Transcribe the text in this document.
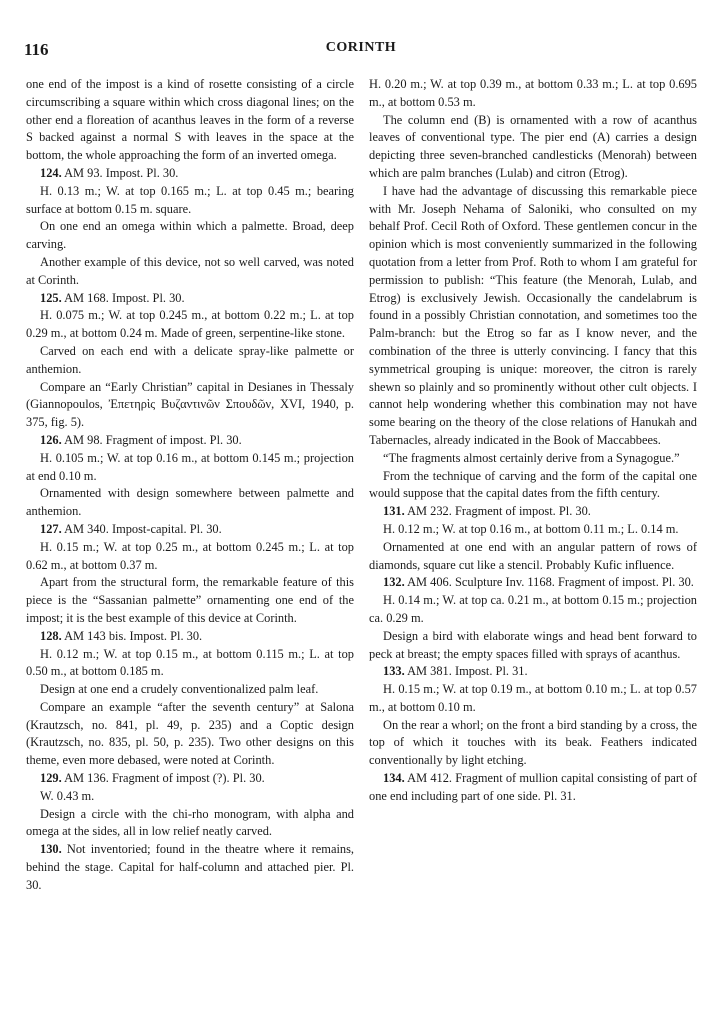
116	CORINTH

one end of the impost is a kind of rosette consisting of a circle circumscribing a square within which cross diagonal lines; on the other end a floreation of acanthus leaves in the form of a reverse S backed against a normal S with leaves in the space at the bottom, the whole approaching the form of an inverted omega.

124. AM 93. Impost. Pl. 30.

H. 0.13 m.; W. at top 0.165 m.; L. at top 0.45 m.; bearing surface at bottom 0.15 m. square.

On one end an omega within which a palmette. Broad, deep carving.

Another example of this device, not so well carved, was noted at Corinth.

125. AM 168. Impost. Pl. 30.

H. 0.075 m.; W. at top 0.245 m., at bottom 0.22 m.; L. at top 0.29 m., at bottom 0.24 m. Made of green, serpentine-like stone.

Carved on each end with a delicate spray-like palmette or anthemion.

Compare an “Early Christian” capital in Desianes in Thessaly (Giannopoulos, Ἐπετηρὶς Βυζαντινῶν Σπουδῶν, XVI, 1940, p. 375, fig. 5).

126. AM 98. Fragment of impost. Pl. 30.

H. 0.105 m.; W. at top 0.16 m., at bottom 0.145 m.; projection at end 0.10 m.

Ornamented with design somewhere between palmette and anthemion.

127. AM 340. Impost-capital. Pl. 30.

H. 0.15 m.; W. at top 0.25 m., at bottom 0.245 m.; L. at top 0.62 m., at bottom 0.37 m.

Apart from the structural form, the remarkable feature of this piece is the “Sassanian palmette” ornamenting one end of the impost; it is the best example of this device at Corinth.

128. AM 143 bis. Impost. Pl. 30.

H. 0.12 m.; W. at top 0.15 m., at bottom 0.115 m.; L. at top 0.50 m., at bottom 0.185 m.

Design at one end a crudely conventionalized palm leaf.

Compare an example “after the seventh century” at Salona (Krautzsch, no. 841, pl. 49, p. 235) and a Coptic design (Krautzsch, no. 835, pl. 50, p. 235). Two other designs on this theme, even more debased, were noted at Corinth.

129. AM 136. Fragment of impost (?). Pl. 30.

W. 0.43 m.

Design a circle with the chi-rho monogram, with alpha and omega at the sides, all in low relief neatly carved.

130. Not inventoried; found in the theatre where it remains, behind the stage. Capital for half-column and attached pier. Pl. 30.

H. 0.20 m.; W. at top 0.39 m., at bottom 0.33 m.; L. at top 0.695 m., at bottom 0.53 m.

The column end (B) is ornamented with a row of acanthus leaves of conventional type. The pier end (A) carries a design depicting three seven-branched candlesticks (Menorah) between which are palm branches (Lulab) and citron (Etrog).

I have had the advantage of discussing this remarkable piece with Mr. Joseph Nehama of Saloniki, who consulted on my behalf Prof. Cecil Roth of Oxford. These gentlemen concur in the opinion which is most conveniently summarized in the following quotation from a letter from Prof. Roth to whom I am grateful for permission to publish: “This feature (the Menorah, Lulab, and Etrog) is exclusively Jewish. Occasionally the candelabrum is found in a possibly Christian connotation, and sometimes too the Palm-branch: but the Etrog so far as I know never, and the combination of the three is utterly convincing. I fancy that this symmetrical grouping is unique: moreover, the citron is rarely shewn so plainly and so prominently without other cult objects. I cannot help wondering whether this combination may not have some bearing on the theory of the close relations of Hanukah and Tabernacles, already indicated in the Book of Maccabbees.

“The fragments almost certainly derive from a Synagogue.”

From the technique of carving and the form of the capital one would suppose that the capital dates from the fifth century.

131. AM 232. Fragment of impost. Pl. 30.

H. 0.12 m.; W. at top 0.16 m., at bottom 0.11 m.; L. 0.14 m.

Ornamented at one end with an angular pattern of rows of diamonds, square cut like a stencil. Probably Kufic influence.

132. AM 406. Sculpture Inv. 1168. Fragment of impost. Pl. 30.

H. 0.14 m.; W. at top ca. 0.21 m., at bottom 0.15 m.; projection ca. 0.29 m.

Design a bird with elaborate wings and head bent forward to peck at breast; the empty spaces filled with sprays of acanthus.

133. AM 381. Impost. Pl. 31.

H. 0.15 m.; W. at top 0.19 m., at bottom 0.10 m.; L. at top 0.57 m., at bottom 0.10 m.

On the rear a whorl; on the front a bird standing by a cross, the top of which it touches with its beak. Feathers indicated conventionally by light etching.

134. AM 412. Fragment of mullion capital consisting of part of one end including part of one side. Pl. 31.
